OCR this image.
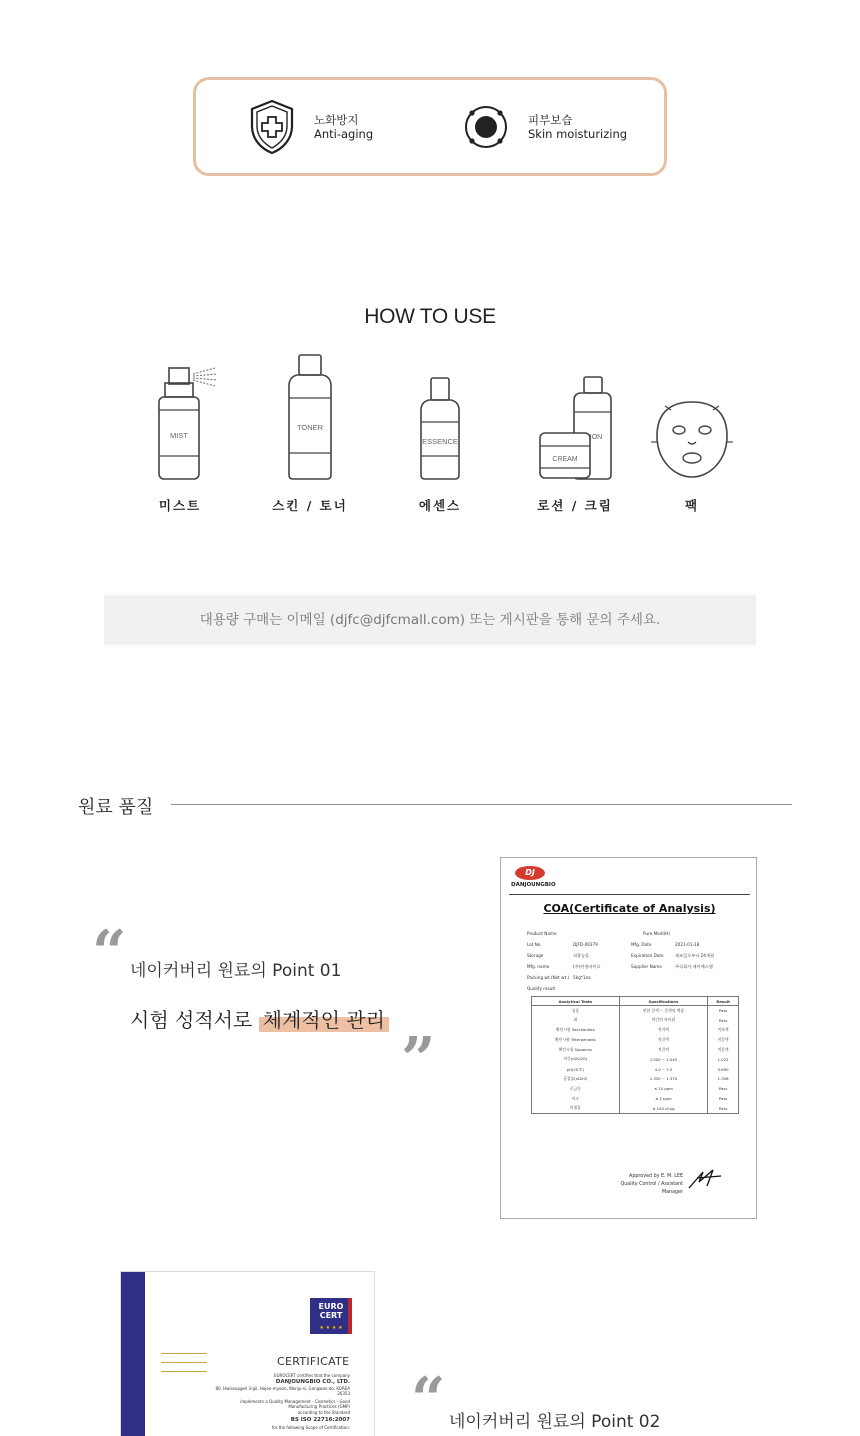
노화방지
Anti-aging
피부보습
Skin moisturizing
HOW TO USE
MIST
미스트
TONER
스킨 / 토너
ESSENCE
에센스
ION
CREAM
로션 / 크림	팩
대용량 구매는 이메일 (djfc@djfcmall.com) 또는 게시판을 통해 문의 주세요.
원료 품질
“ 네이커버리 원료의 Point 01
시험 성적서로 체계적인 관리
”
DJ
DANJOUNGBIO
COA(Certificate of Analysis)
Product Name	Pure Medi(H)
Lot No.	DJFD-00379	Mfg. Date	2021-01-18
Storage	직광높음	Expiration Date	제조일로부터 24개월
Mfg. name	(주)단정바이오	Supplier Name	주식회사 케이에스엠
Packing wt.(Net wt.) 5kg*1ea
Quality result
Analytical Tests	Specifications	Result
성상	연한 갈색 ~ 갈색의 액상	Pass
취	약간의 특이취	Pass
확인시험 Saccharides	적자색	적자색
확인시험 Triterpenoids	적갈색	적갈색
확인시험 Saponins	적갈색	적갈색
비중(d20/20)	1.000 ~ 1.040	1.022
pH(25℃)	4.0 ~ 7.0	5.890
굴절률(nD20)	1.330 ~ 1.370	1.358
중금속	≤ 10 ppm	Pass
비소	≤ 2 ppm	Pass
미생물	≤ 100 cfu/g	Pass
Approved by E. M. LEE
Quality Control / Assistant Manager
EURO
CERT
★ ★ ★ ★
CERTIFICATE
EUROCERT certifies that the company
DANJOUNGBIO CO., LTD.
80, Hwiseopgeil 3-gil, Hojeo-myeon, Wonju-si, Gangwon-do, KOREA
26353
implements a Quality Management - Cosmetics - Good
Manufacturing Practices (GMP)
according to the Standard
BS ISO 22716:2007
for the following Scope of Certification: “ 네이커버리 원료의 Point 02
